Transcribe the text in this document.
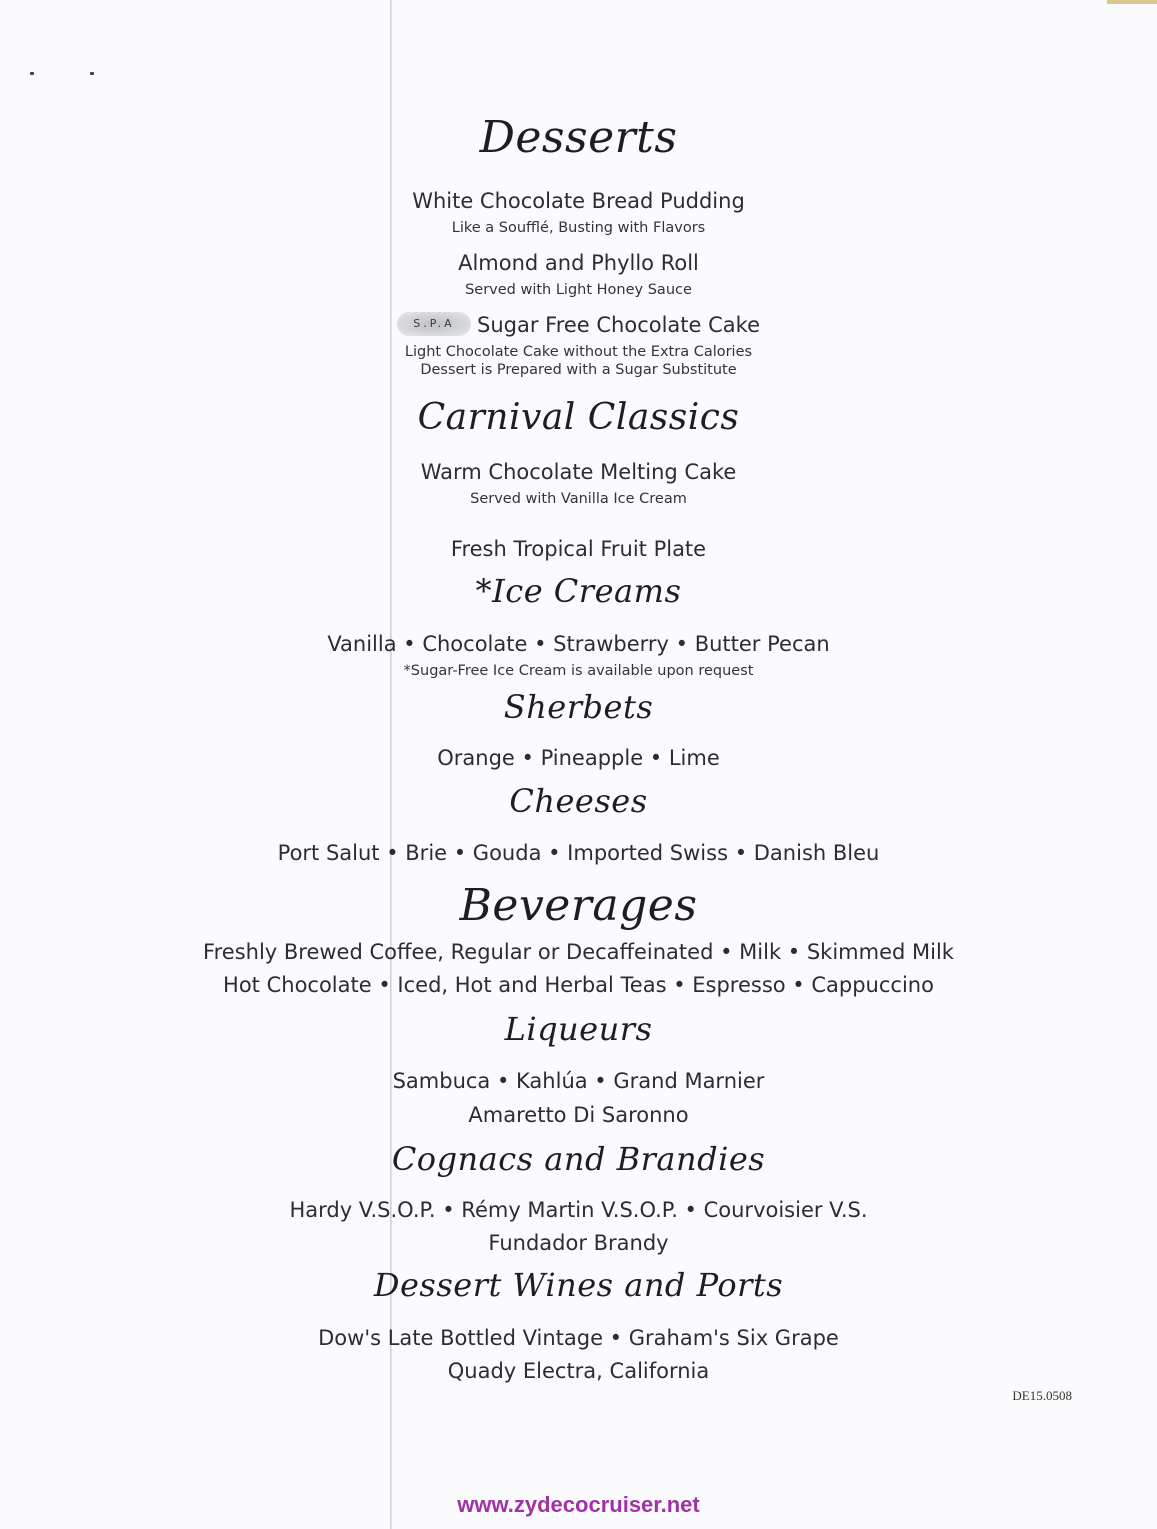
Desserts
White Chocolate Bread Pudding
Like a Soufflé, Busting with Flavors
Almond and Phyllo Roll
Served with Light Honey Sauce
S.P.A Sugar Free Chocolate Cake
Light Chocolate Cake without the Extra Calories
Dessert is Prepared with a Sugar Substitute
Carnival Classics
Warm Chocolate Melting Cake
Served with Vanilla Ice Cream
Fresh Tropical Fruit Plate
*Ice Creams
Vanilla • Chocolate • Strawberry • Butter Pecan
*Sugar-Free Ice Cream is available upon request
Sherbets
Orange • Pineapple • Lime
Cheeses
Port Salut • Brie • Gouda • Imported Swiss • Danish Bleu
Beverages
Freshly Brewed Coffee, Regular or Decaffeinated • Milk • Skimmed Milk
Hot Chocolate • Iced, Hot and Herbal Teas • Espresso • Cappuccino
Liqueurs
Sambuca • Kahlúa • Grand Marnier
Amaretto Di Saronno
Cognacs and Brandies
Hardy V.S.O.P. • Rémy Martin V.S.O.P. • Courvoisier V.S.
Fundador Brandy
Dessert Wines and Ports
Dow's Late Bottled Vintage • Graham's Six Grape
Quady Electra, California
DE15.0508
www.zydecocruiser.net
